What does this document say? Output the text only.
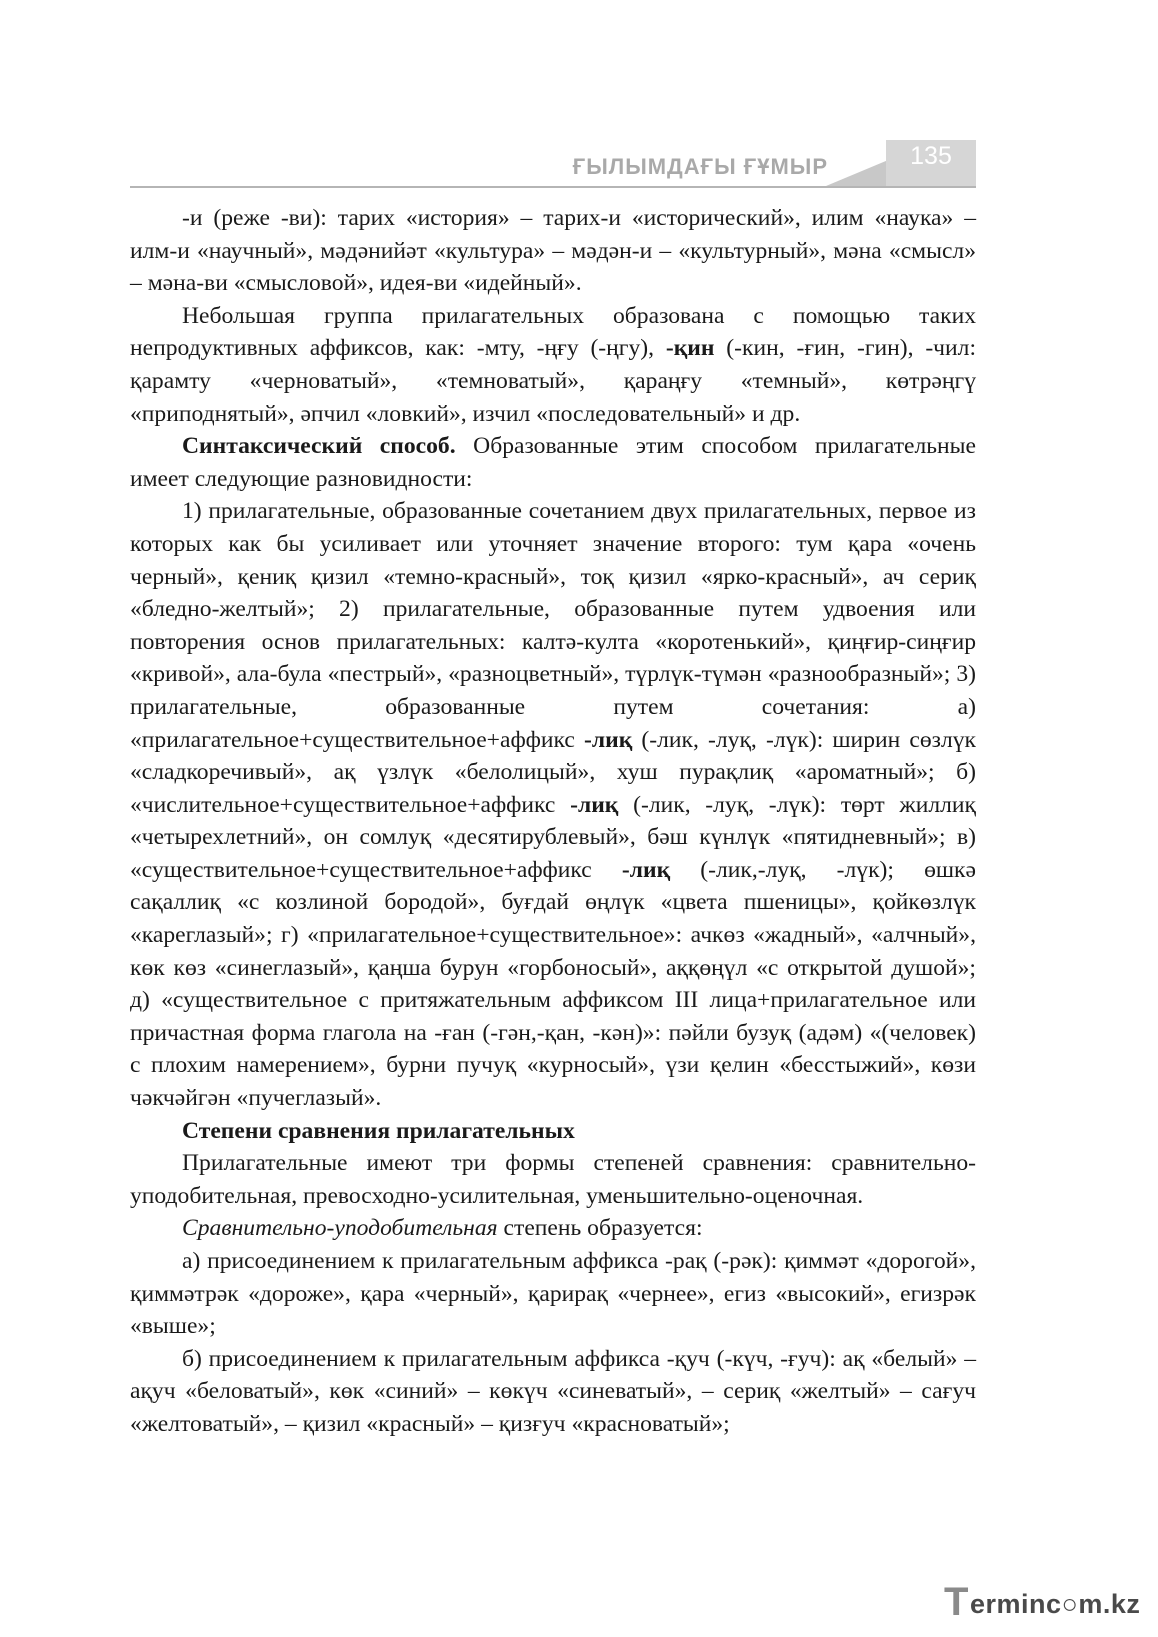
ҒЫЛЫМДАҒЫ ҒҰМЫР	135

-и (реже -ви): тарих «история» – тарих-и «исторический», илим «наука» – илм-и «научный», мәдәнийәт «культура» – мәдән-и – «культурный», мәна «смысл» – мәна-ви «смысловой», идея-ви «идейный».

Небольшая группа прилагательных образована с помощью таких непродуктивных аффиксов, как: -мту, -ңғу (-ңгу), -қин (-кин, -ғин, -гин), -чил: қарамту «черноватый», «темноватый», қараңғу «темный», көтрәңгү «приподнятый», әпчил «ловкий», изчил «последовательный» и др.

Синтаксический способ. Образованные этим способом прилагательные имеет следующие разновидности:

1) прилагательные, образованные сочетанием двух прилагательных, первое из которых как бы усиливает или уточняет значение второго: тум қара «очень черный», қениқ қизил «темно-красный», тоқ қизил «ярко-красный», ач сериқ «бледно-желтый»; 2) прилагательные, образованные путем удвоения или повторения основ прилагательных: калтә-култа «коротенький», қиңғир-сиңғир «кривой», ала-була «пестрый», «разноцветный», түрлүк-түмән «разнообразный»; 3) прилагательные, образованные путем сочетания: а) «прилагательное+существительное+аффикс -лиқ (-лик, -луқ, -лүк): ширин сөзлүк «сладкоречивый», ақ үзлүк «белолицый», хуш пурақлиқ «ароматный»; б) «числительное+существительное+аффикс -лиқ (-лик, -луқ, -лүк): төрт жиллиқ «четырехлетний», он сомлуқ «десятирублевый», бәш күнлүк «пятидневный»; в) «существительное+существительное+аффикс -лиқ (-лик,-луқ, -лүк); өшкә сақаллиқ «с козлиной бородой», буғдай өңлүк «цвета пшеницы», қойкөзлүк «кареглазый»; г) «прилагательное+существительное»: ачкөз «жадный», «алчный», көк көз «синеглазый», қаңша бурун «горбоносый», аққөңүл «с открытой душой»; д) «существительное с притяжательным аффиксом III лица+прилагательное или причастная форма глагола на -ған (-гән,-қан, -кән)»: пәйли бузуқ (адәм) «(человек) с плохим намерением», бурни пучуқ «курносый», үзи қелин «бесстыжий», көзи чәкчәйгән «пучеглазый».

Степени сравнения прилагательных

Прилагательные имеют три формы степеней сравнения: сравнительно-уподобительная, превосходно-усилительная, уменьшительно-оценочная.

Сравнительно-уподобительная степень образуется:

а) присоединением к прилагательным аффикса -рақ (-рәк): қиммәт «дорогой», қиммәтрәк «дороже», қара «черный», қарирақ «чернее», егиз «высокий», егизрәк «выше»;

б) присоединением к прилагательным аффикса -қуч (-күч, -ғуч): ақ «белый» – ақуч «беловатый», көк «синий» – көкүч «синеватый», – сериқ «желтый» – сағуч «желтоватый», – қизил «красный» – қизғуч «красноватый»;

T erminc○m.kz
